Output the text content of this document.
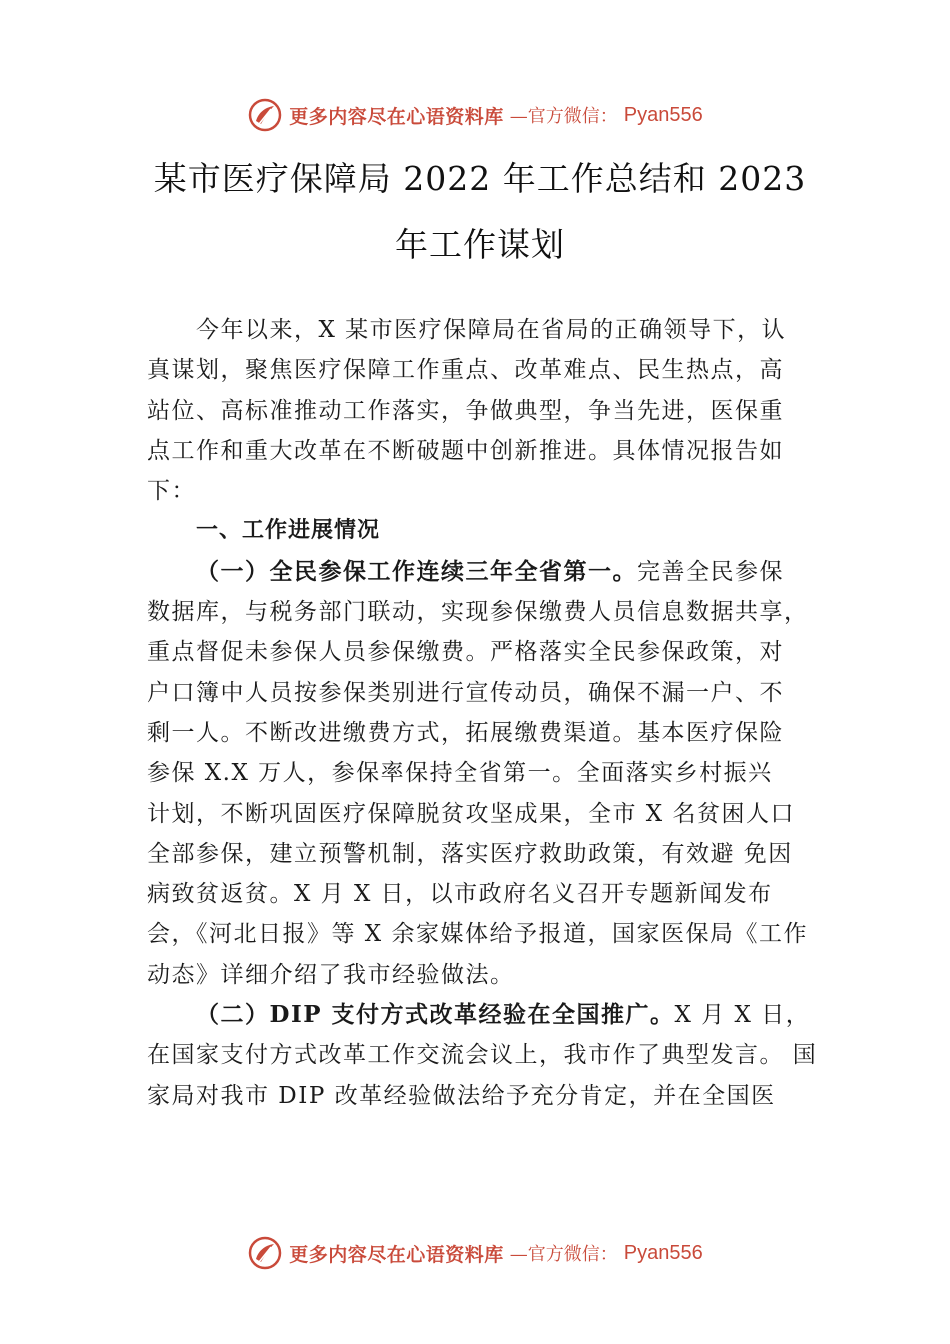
更多内容尽在心语资料库 —官方微信： Pyan556
某市医疗保障局 2022 年工作总结和 2023
年工作谋划
今年以来，X 某市医疗保障局在省局的正确领导下，认
真谋划，聚焦医疗保障工作重点、改革难点、民生热点，高
站位、高标准推动工作落实，争做典型，争当先进，医保重
点工作和重大改革在不断破题中创新推进。具体情况报告如
下：
一、工作进展情况
（一）全民参保工作连续三年全省第一。完善全民参保
数据库，与税务部门联动，实现参保缴费人员信息数据共享，
重点督促未参保人员参保缴费。严格落实全民参保政策，对
户口簿中人员按参保类别进行宣传动员，确保不漏一户、不
剩一人。不断改进缴费方式，拓展缴费渠道。基本医疗保险
参保 X.X 万人，参保率保持全省第一。全面落实乡村振兴
计划，不断巩固医疗保障脱贫攻坚成果，全市 X 名贫困人口
全部参保，建立预警机制，落实医疗救助政策，有效避 免因
病致贫返贫。X 月 X 日，以市政府名义召开专题新闻发布
会，《河北日报》等 X 余家媒体给予报道，国家医保局《工作
动态》详细介绍了我市经验做法。
（二）DIP 支付方式改革经验在全国推广。X 月 X 日，
在国家支付方式改革工作交流会议上，我市作了典型发言。 国
家局对我市 DIP 改革经验做法给予充分肯定，并在全国医
更多内容尽在心语资料库 —官方微信： Pyan556
